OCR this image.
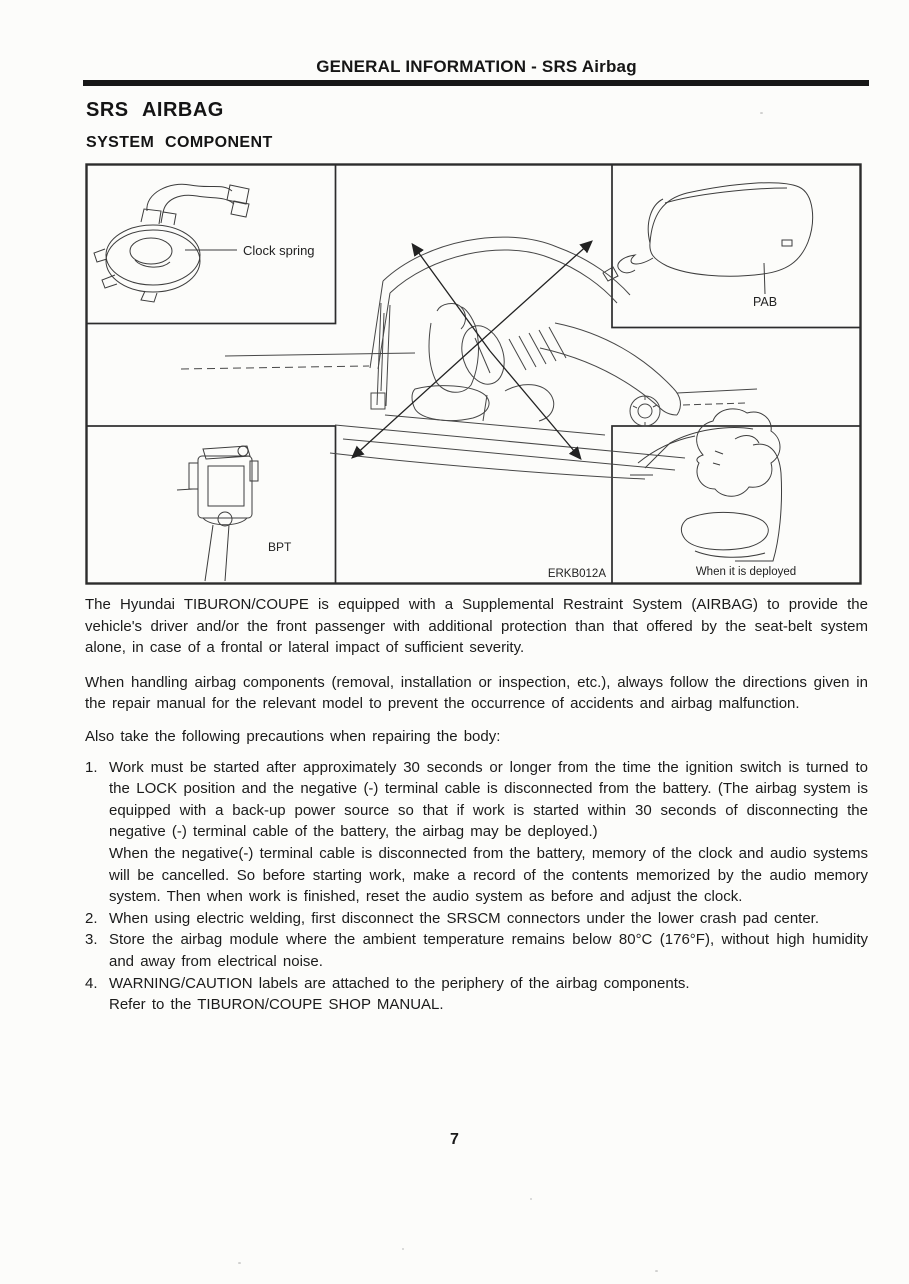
GENERAL INFORMATION - SRS Airbag
SRS AIRBAG
SYSTEM COMPONENT
Clock spring
PAB
BPT
When it is deployed
ERKB012A
The Hyundai TIBURON/COUPE is equipped with a Supplemental Restraint System (AIRBAG) to provide the vehicle's driver and/or the front passenger with additional protection than that offered by the seat-belt system alone, in case of a frontal or lateral impact of sufficient severity.
When handling airbag components (removal, installation or inspection, etc.), always follow the directions given in the repair manual for the relevant model to prevent the occurrence of accidents and airbag malfunction.
Also take the following precautions when repairing the body:
1. Work must be started after approximately 30 seconds or longer from the time the ignition switch is turned to the LOCK position and the negative (-) terminal cable is disconnected from the battery. (The airbag system is equipped with a back-up power source so that if work is started within 30 seconds of disconnecting the negative (-) terminal cable of the battery, the airbag may be deployed.)
When the negative(-) terminal cable is disconnected from the battery, memory of the clock and audio systems will be cancelled. So before starting work, make a record of the contents memorized by the audio memory system. Then when work is finished, reset the audio system as before and adjust the clock.
2. When using electric welding, first disconnect the SRSCM connectors under the lower crash pad center.
3. Store the airbag module where the ambient temperature remains below 80°C (176°F), without high humidity and away from electrical noise.
4. WARNING/CAUTION labels are attached to the periphery of the airbag components.
Refer to the TIBURON/COUPE SHOP MANUAL.
7
